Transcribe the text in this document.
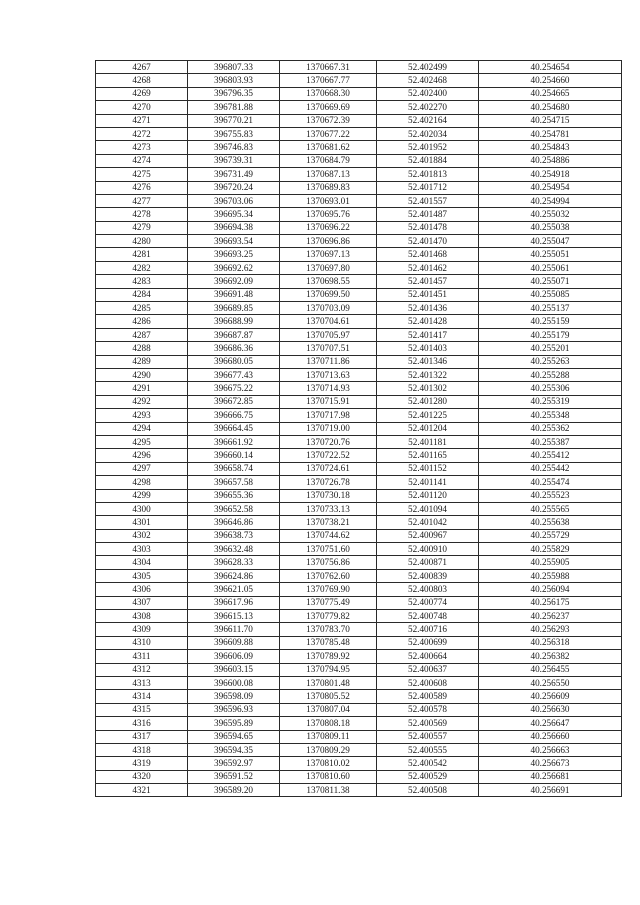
4267	396807.33	1370667.31	52.402499	40.254654
4268	396803.93	1370667.77	52.402468	40.254660
4269	396796.35	1370668.30	52.402400	40.254665
4270	396781.88	1370669.69	52.402270	40.254680
4271	396770.21	1370672.39	52.402164	40.254715
4272	396755.83	1370677.22	52.402034	40.254781
4273	396746.83	1370681.62	52.401952	40.254843
4274	396739.31	1370684.79	52.401884	40.254886
4275	396731.49	1370687.13	52.401813	40.254918
4276	396720.24	1370689.83	52.401712	40.254954
4277	396703.06	1370693.01	52.401557	40.254994
4278	396695.34	1370695.76	52.401487	40.255032
4279	396694.38	1370696.22	52.401478	40.255038
4280	396693.54	1370696.86	52.401470	40.255047
4281	396693.25	1370697.13	52.401468	40.255051
4282	396692.62	1370697.80	52.401462	40.255061
4283	396692.09	1370698.55	52.401457	40.255071
4284	396691.48	1370699.50	52.401451	40.255085
4285	396689.85	1370703.09	52.401436	40.255137
4286	396688.99	1370704.61	52.401428	40.255159
4287	396687.87	1370705.97	52.401417	40.255179
4288	396686.36	1370707.51	52.401403	40.255201
4289	396680.05	1370711.86	52.401346	40.255263
4290	396677.43	1370713.63	52.401322	40.255288
4291	396675.22	1370714.93	52.401302	40.255306
4292	396672.85	1370715.91	52.401280	40.255319
4293	396666.75	1370717.98	52.401225	40.255348
4294	396664.45	1370719.00	52.401204	40.255362
4295	396661.92	1370720.76	52.401181	40.255387
4296	396660.14	1370722.52	52.401165	40.255412
4297	396658.74	1370724.61	52.401152	40.255442
4298	396657.58	1370726.78	52.401141	40.255474
4299	396655.36	1370730.18	52.401120	40.255523
4300	396652.58	1370733.13	52.401094	40.255565
4301	396646.86	1370738.21	52.401042	40.255638
4302	396638.73	1370744.62	52.400967	40.255729
4303	396632.48	1370751.60	52.400910	40.255829
4304	396628.33	1370756.86	52.400871	40.255905
4305	396624.86	1370762.60	52.400839	40.255988
4306	396621.05	1370769.90	52.400803	40.256094
4307	396617.96	1370775.49	52.400774	40.256175
4308	396615.13	1370779.82	52.400748	40.256237
4309	396611.70	1370783.70	52.400716	40.256293
4310	396609.88	1370785.48	52.400699	40.256318
4311	396606.09	1370789.92	52.400664	40.256382
4312	396603.15	1370794.95	52.400637	40.256455
4313	396600.08	1370801.48	52.400608	40.256550
4314	396598.09	1370805.52	52.400589	40.256609
4315	396596.93	1370807.04	52.400578	40.256630
4316	396595.89	1370808.18	52.400569	40.256647
4317	396594.65	1370809.11	52.400557	40.256660
4318	396594.35	1370809.29	52.400555	40.256663
4319	396592.97	1370810.02	52.400542	40.256673
4320	396591.52	1370810.60	52.400529	40.256681
4321	396589.20	1370811.38	52.400508	40.256691
